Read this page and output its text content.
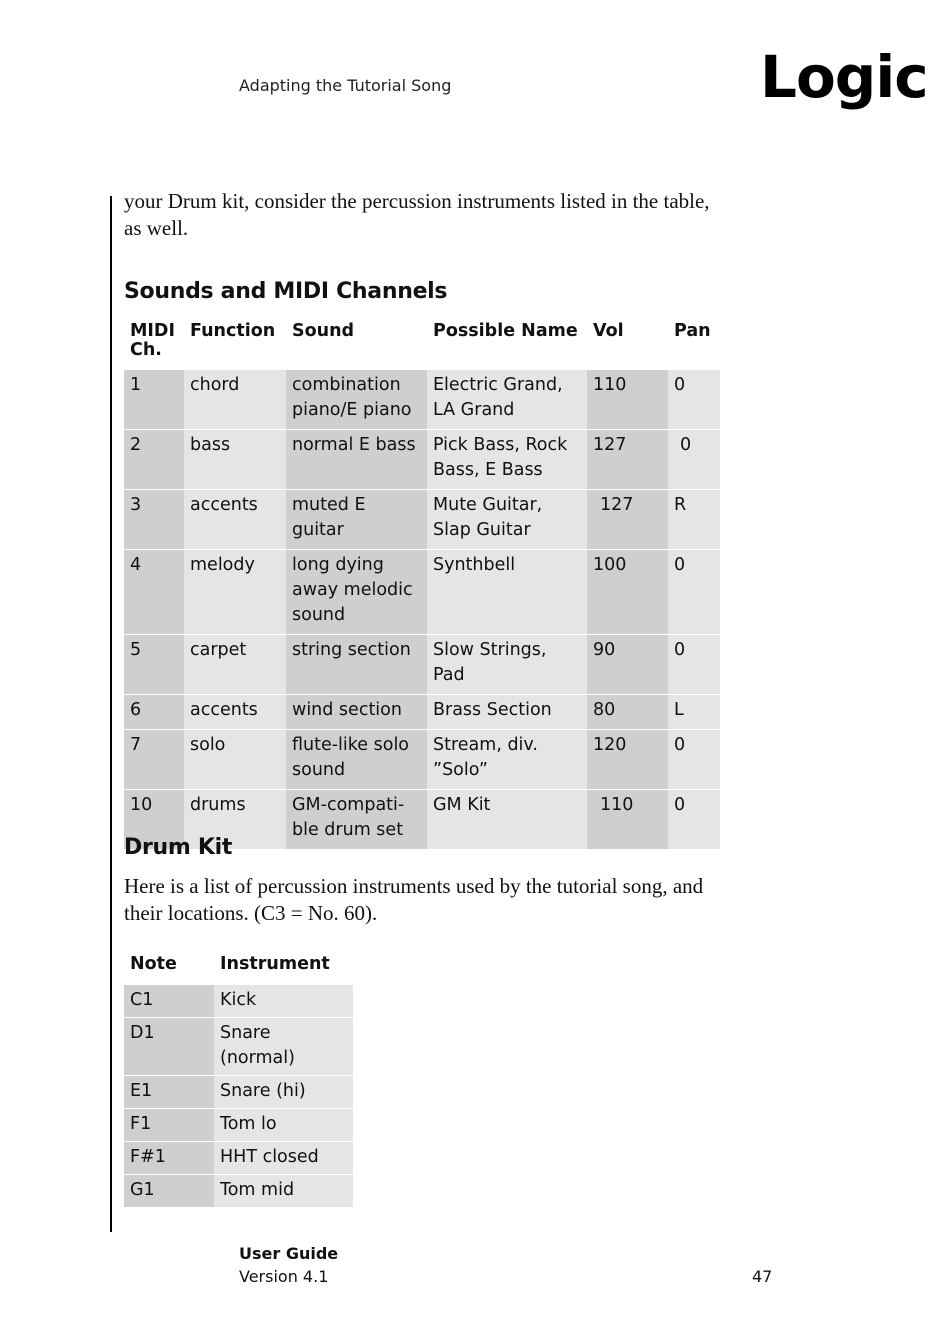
Adapting the Tutorial Song	Logic
your Drum kit, consider the percussion instruments listed in the table, as well.
Sounds and MIDI Channels
MIDI Ch.	Function	Sound	Possible Name	Vol	Pan
1	chord	combination piano/E piano	Electric Grand, LA Grand	110	0
2	bass	normal E bass	Pick Bass, Rock Bass, E Bass	127	0
3	accents	muted E guitar	Mute Guitar, Slap Guitar	127	R
4	melody	long dying away melodic sound	Synthbell	100	0
5	carpet	string section	Slow Strings, Pad	90	0
6	accents	wind section	Brass Section	80	L
7	solo	flute-like solo sound	Stream, div. ”Solo”	120	0
10	drums	GM-compati-ble drum set	GM Kit	110	0
Drum Kit
Here is a list of percussion instruments used by the tutorial song, and their locations. (C3 = No. 60).
Note	Instrument
C1	Kick
D1	Snare (normal)
E1	Snare (hi)
F1	Tom lo
F#1	HHT closed
G1	Tom mid
User Guide
Version 4.1	47
